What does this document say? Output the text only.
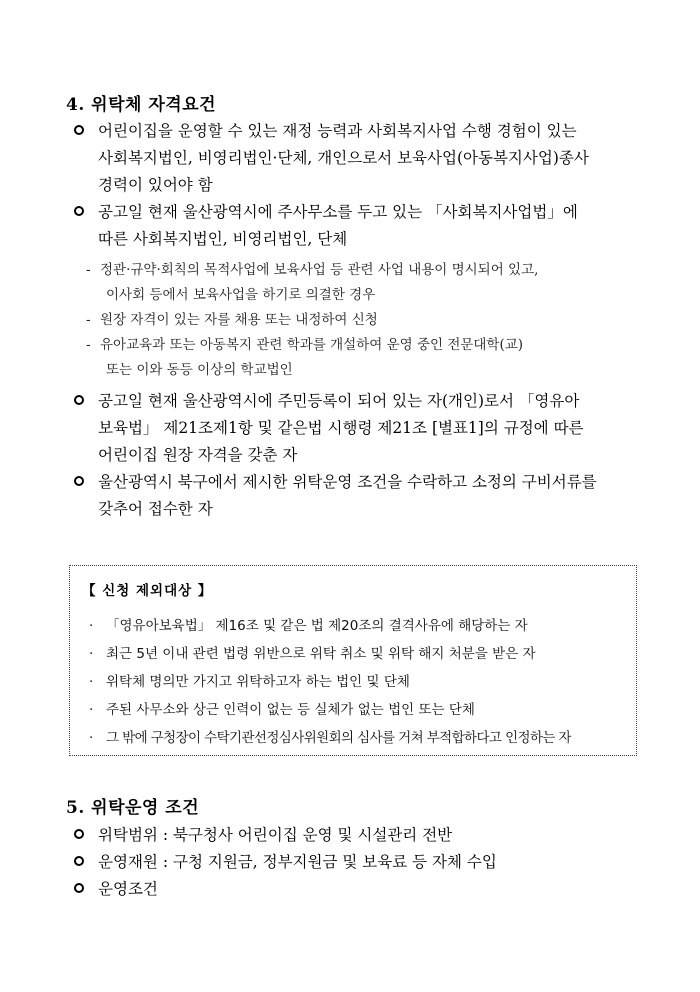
4. 위탁체 자격요건
어린이집을 운영할 수 있는 재정 능력과 사회복지사업 수행 경험이 있는
사회복지법인, 비영리법인·단체, 개인으로서 보육사업(아동복지사업)종사
경력이 있어야 함
공고일 현재 울산광역시에 주사무소를 두고 있는 「사회복지사업법」에
따른 사회복지법인, 비영리법인, 단체
- 정관·규약·회칙의 목적사업에 보육사업 등 관련 사업 내용이 명시되어 있고,
이사회 등에서 보육사업을 하기로 의결한 경우
- 원장 자격이 있는 자를 채용 또는 내정하여 신청
- 유아교육과 또는 아동복지 관련 학과를 개설하여 운영 중인 전문대학(교)
또는 이와 동등 이상의 학교법인
공고일 현재 울산광역시에 주민등록이 되어 있는 자(개인)로서 「영유아
보육법」 제21조제1항 및 같은법 시행령 제21조 [별표1]의 규정에 따른
어린이집 원장 자격을 갖춘 자
울산광역시 북구에서 제시한 위탁운영 조건을 수락하고 소정의 구비서류를
갖추어 접수한 자
【 신청 제외대상 】
· 「영유아보육법」 제16조 및 같은 법 제20조의 결격사유에 해당하는 자
· 최근 5년 이내 관련 법령 위반으로 위탁 취소 및 위탁 해지 처분을 받은 자
· 위탁체 명의만 가지고 위탁하고자 하는 법인 및 단체
· 주된 사무소와 상근 인력이 없는 등 실체가 없는 법인 또는 단체
· 그 밖에 구청장이 수탁기관선정심사위원회의 심사를 거쳐 부적합하다고 인정하는 자
5. 위탁운영 조건
위탁범위 : 북구청사 어린이집 운영 및 시설관리 전반
운영재원 : 구청 지원금, 정부지원금 및 보육료 등 자체 수입
운영조건
